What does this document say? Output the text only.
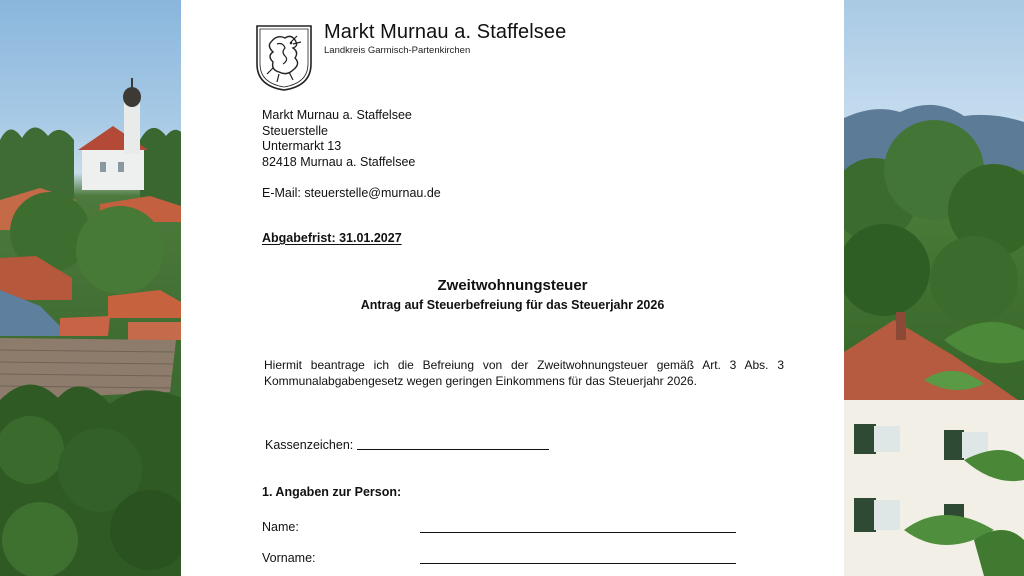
Markt Murnau a. Staffelsee
Landkreis Garmisch-Partenkirchen
Markt Murnau a. Staffelsee
Steuerstelle
Untermarkt 13
82418 Murnau a. Staffelsee
E-Mail: steuerstelle@murnau.de
Abgabefrist: 31.01.2027
Zweitwohnungsteuer
Antrag auf Steuerbefreiung für das Steuerjahr 2026
Hiermit beantrage ich die Befreiung von der Zweitwohnungsteuer gemäß Art. 3 Abs. 3 Kommunalabgabengesetz wegen geringen Einkommens für das Steuerjahr 2026.
Kassenzeichen:
1. Angaben zur Person:
Name:
Vorname:
